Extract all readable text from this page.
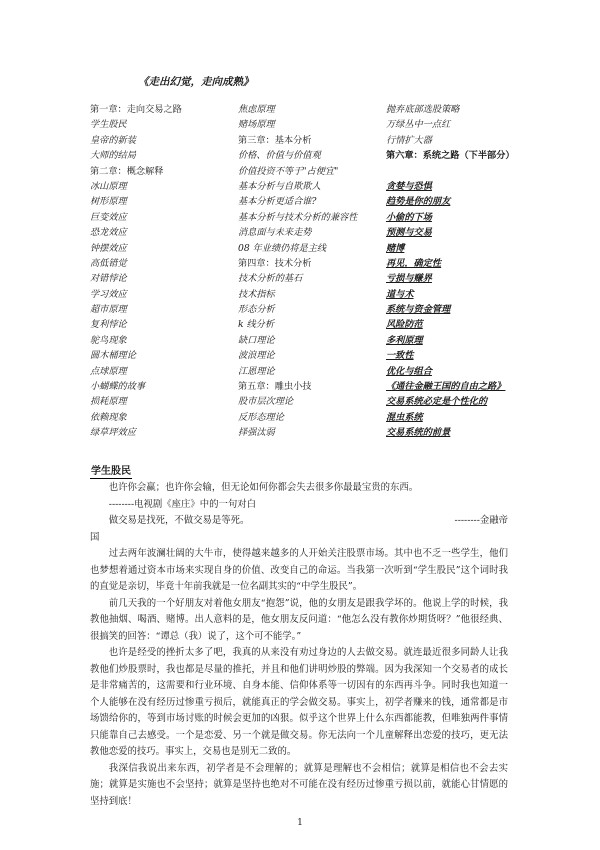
《走出幻觉，走向成熟》
第一章：走向交易之路	焦虑原理	抛弃底部选股策略
学生股民	赌场原理	万绿丛中一点红
皇帝的新装	第三章：基本分析	行情扩大器
大师的结局	价格、价值与价值观	第六章：系统之路（下半部分）
第二章：概念解释	价值投资不等于"占便宜"
冰山原理	基本分析与自欺欺人	贪婪与恐惧
树形原理	基本分析更适合谁?	趋势是你的朋友
巨变效应	基本分析与技术分析的兼容性	小偷的下场
恐龙效应	消息面与未来走势	预测与交易
钟摆效应	08 年业绩仍将是主线	赌博
高低错觉	第四章：技术分析	再见，确定性
对错悖论	技术分析的基石	亏损与赚界
学习效应	技术指标	道与术
超市原理	形态分析	系统与资金管理
复利悖论	k 线分析	风险防范
鸵鸟现象	缺口理论	多利原理
圆木桶理论	波浪理论	一致性
点球原理	江恩理论	优化与组合
小蝴蝶的故事	第五章：雕虫小技	《通往金融王国的自由之路》
损耗原理	股市层次理论	交易系统必定是个性化的
依赖现象	反形态理论	混虫系统
绿草坪效应	择强汰弱	交易系统的前景
学生股民

也许你会赢；也许你会输，但无论如何你都会失去很多你最最宝贵的东西。

--------电视剧《座庄》中的一句对白

做交易是找死，不做交易是等死。	--------金融帝

国

过去两年波澜壮阔的大牛市，使得越来越多的人开始关注股票市场。其中也不乏一些学生，他们也梦想着通过资本市场来实现自身的价值、改变自己的命运。当我第一次听到“学生股民”这个词时我的直觉是亲切，毕竟十年前我就是一位名副其实的“中学生股民”。

前几天我的一个好朋友对着他女朋友“抱怨”说，他的女朋友是跟我学坏的。他说上学的时候，我教他抽烟、喝酒、赌博。出人意料的是，他女朋友反问道：“他怎么没有教你炒期货呀？”他很经典、很搞笑的回答：“谭总（我）说了，这个可不能学。”

也许是经受的挫折太多了吧，我真的从来没有劝过身边的人去做交易。就连最近很多同龄人让我教他们炒股票时，我也都是尽量的推托，并且和他们讲明炒股的弊端。因为我深知一个交易者的成长是非常痛苦的，这需要和行业环境、自身本能、信仰体系等一切因有的东西再斗争。同时我也知道一个人能够在没有经历过惨重亏损后，就能真正的学会做交易。事实上，初学者赚来的钱，通常都是市场馈给你的，等到市场讨账的时候会更加的凶狠。似乎这个世界上什么东西都能教，但唯独两件事情只能靠自己去感受。一个是恋爱、另一个就是做交易。你无法向一个儿童解释出恋爱的技巧，更无法教他恋爱的技巧。事实上，交易也是别无二致的。

我深信我说出来东西，初学者是不会理解的；就算是理解也不会相信；就算是相信也不会去实施；就算是实施也不会坚持；就算是坚持也绝对不可能在没有经历过惨重亏损以前，就能心甘情愿的坚持到底！

1
